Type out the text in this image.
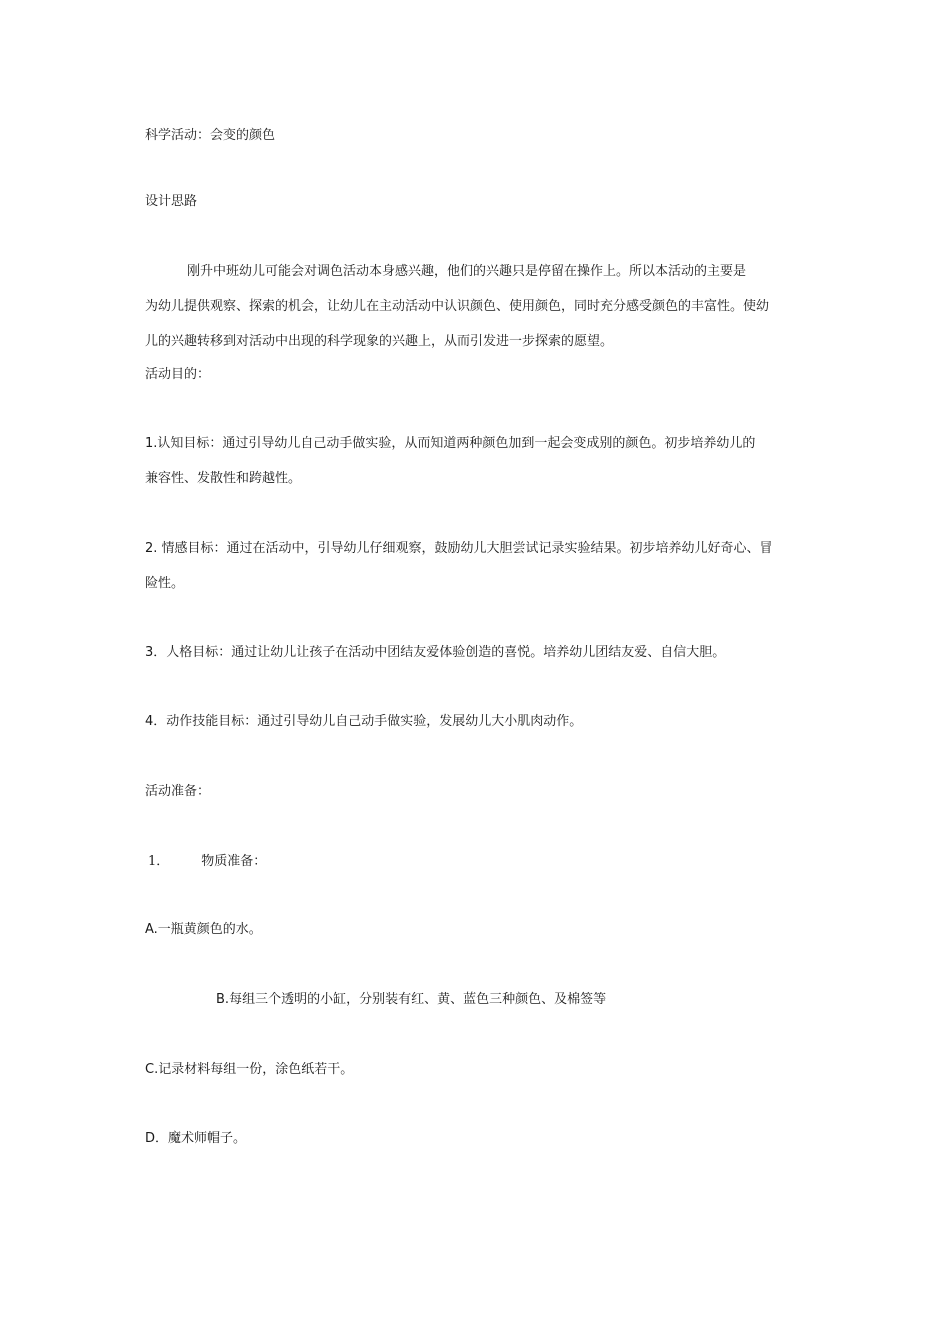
科学活动：会变的颜色
设计思路
刚升中班幼儿可能会对调色活动本身感兴趣，他们的兴趣只是停留在操作上。所以本活动的主要是
为幼儿提供观察、探索的机会，让幼儿在主动活动中认识颜色、使用颜色，同时充分感受颜色的丰富性。使幼
儿的兴趣转移到对活动中出现的科学现象的兴趣上，从而引发进一步探索的愿望。
活动目的：
1.认知目标：通过引导幼儿自己动手做实验，从而知道两种颜色加到一起会变成别的颜色。初步培养幼儿的
兼容性、发散性和跨越性。
2. 情感目标：通过在活动中，引导幼儿仔细观察，鼓励幼儿大胆尝试记录实验结果。初步培养幼儿好奇心、冒
险性。
3．人格目标：通过让幼儿让孩子在活动中团结友爱体验创造的喜悦。培养幼儿团结友爱、自信大胆。
4．动作技能目标：通过引导幼儿自己动手做实验，发展幼儿大小肌肉动作。
活动准备：
1． 物质准备：
A.一瓶黄颜色的水。
B.每组三个透明的小缸，分别装有红、黄、蓝色三种颜色、及棉签等
C.记录材料每组一份，涂色纸若干。
D．魔术师帽子。
